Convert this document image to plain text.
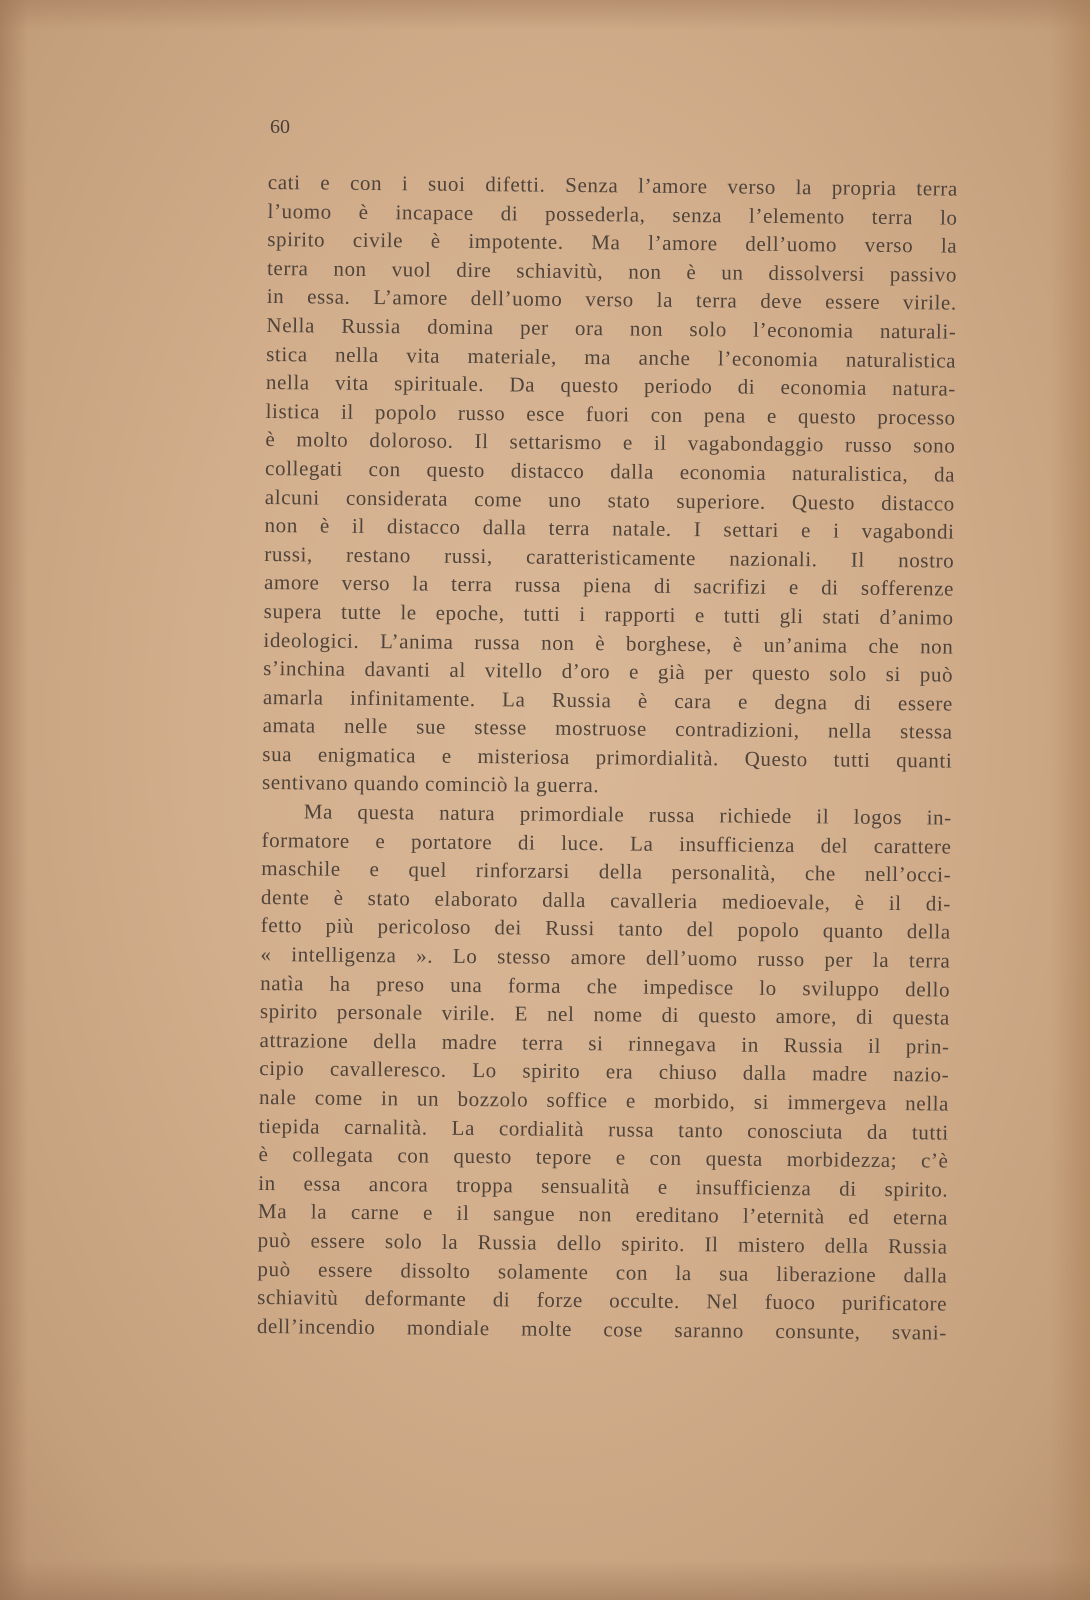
60
cati e con i suoi difetti. Senza l’amore verso la propria terra
l’uomo è incapace di possederla, senza l’elemento terra lo
spirito civile è impotente. Ma l’amore dell’uomo verso la
terra non vuol dire schiavitù, non è un dissolversi passivo
in essa. L’amore dell’uomo verso la terra deve essere virile.
Nella Russia domina per ora non solo l’economia naturali-
stica nella vita materiale, ma anche l’economia naturalistica
nella vita spirituale. Da questo periodo di economia natura-
listica il popolo russo esce fuori con pena e questo processo
è molto doloroso. Il settarismo e il vagabondaggio russo sono
collegati con questo distacco dalla economia naturalistica, da
alcuni considerata come uno stato superiore. Questo distacco
non è il distacco dalla terra natale. I settari e i vagabondi
russi, restano russi, caratteristicamente nazionali. Il nostro
amore verso la terra russa piena di sacrifizi e di sofferenze
supera tutte le epoche, tutti i rapporti e tutti gli stati d’animo
ideologici. L’anima russa non è borghese, è un’anima che non
s’inchina davanti al vitello d’oro e già per questo solo si può
amarla infinitamente. La Russia è cara e degna di essere
amata nelle sue stesse mostruose contradizioni, nella stessa
sua enigmatica e misteriosa primordialità. Questo tutti quanti
sentivano quando cominciò la guerra.
Ma questa natura primordiale russa richiede il logos in-
formatore e portatore di luce. La insufficienza del carattere
maschile e quel rinforzarsi della personalità, che nell’occi-
dente è stato elaborato dalla cavalleria medioevale, è il di-
fetto più pericoloso dei Russi tanto del popolo quanto della
« intelligenza ». Lo stesso amore dell’uomo russo per la terra
natìa ha preso una forma che impedisce lo sviluppo dello
spirito personale virile. E nel nome di questo amore, di questa
attrazione della madre terra si rinnegava in Russia il prin-
cipio cavalleresco. Lo spirito era chiuso dalla madre nazio-
nale come in un bozzolo soffice e morbido, si immergeva nella
tiepida carnalità. La cordialità russa tanto conosciuta da tutti
è collegata con questo tepore e con questa morbidezza; c’è
in essa ancora troppa sensualità e insufficienza di spirito.
Ma la carne e il sangue non ereditano l’eternità ed eterna
può essere solo la Russia dello spirito. Il mistero della Russia
può essere dissolto solamente con la sua liberazione dalla
schiavitù deformante di forze occulte. Nel fuoco purificatore
dell’incendio mondiale molte cose saranno consunte, svani-
